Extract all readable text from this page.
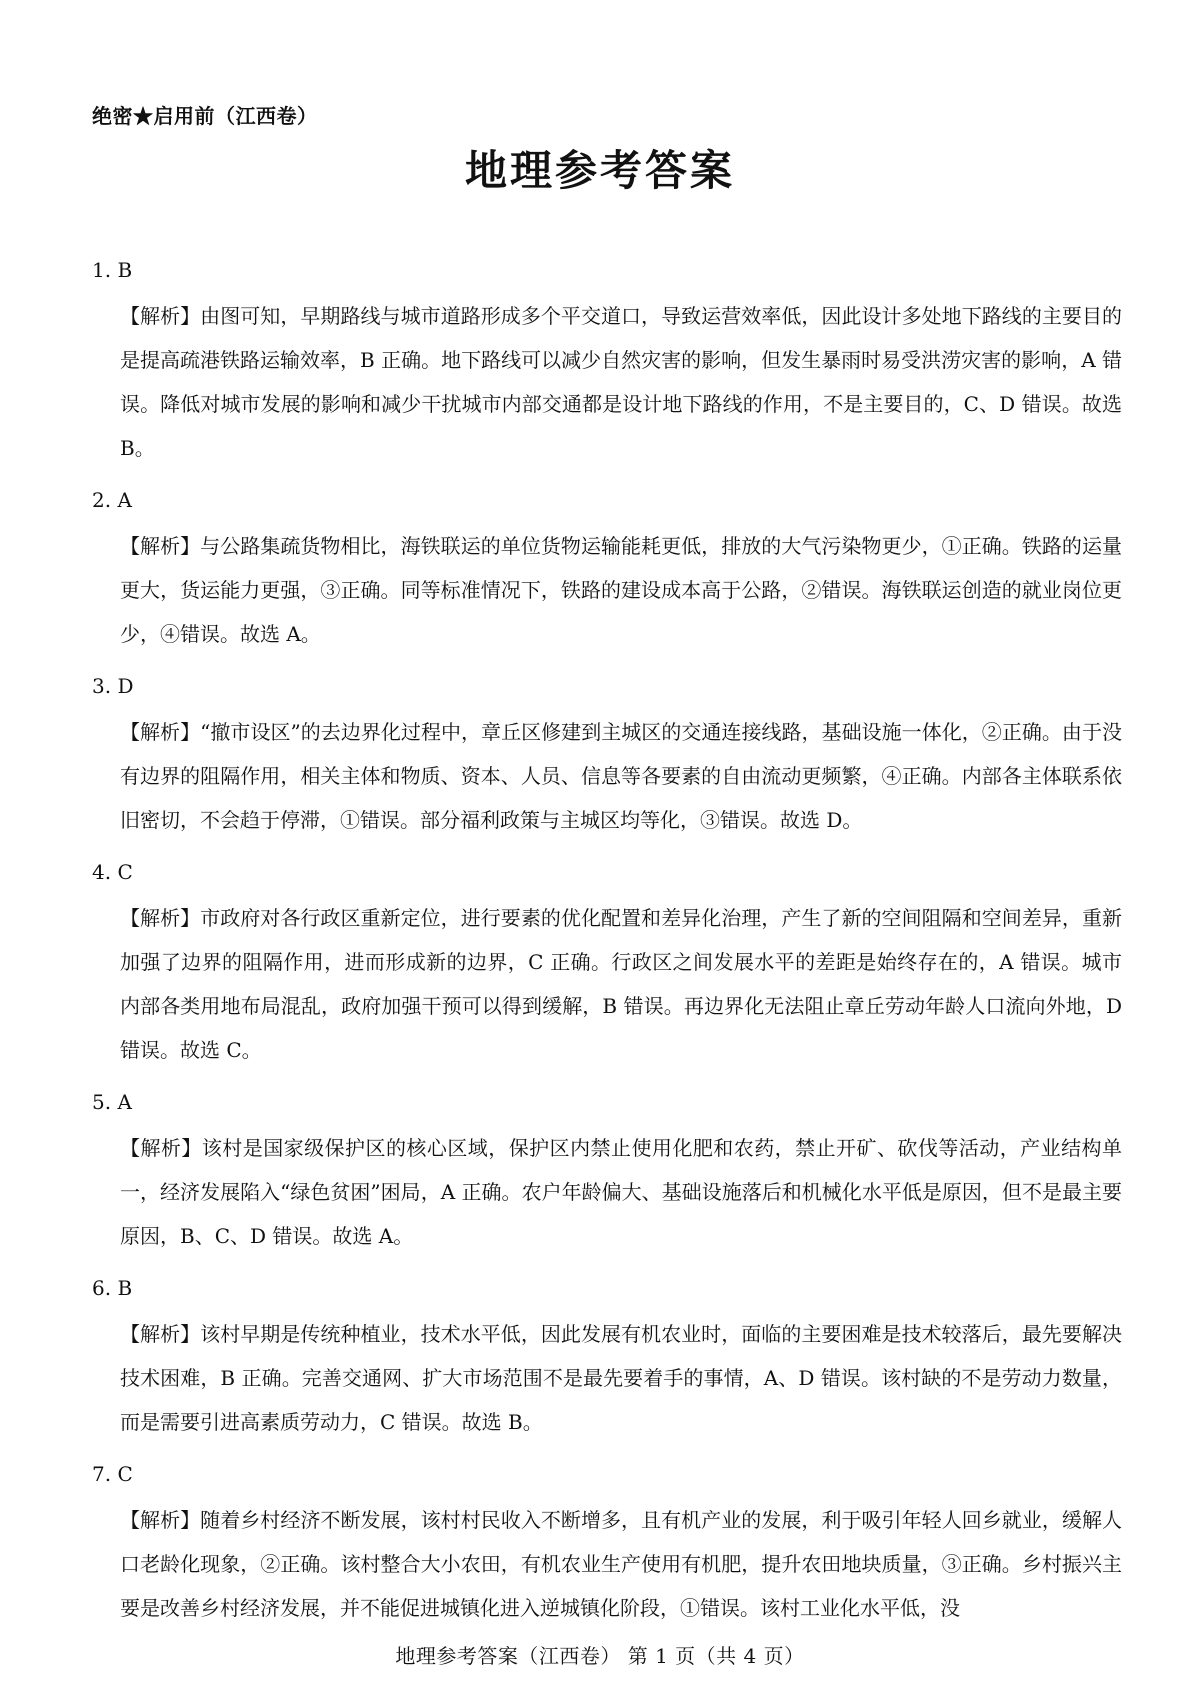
绝密★启用前（江西卷）
地理参考答案
1. B
【解析】由图可知，早期路线与城市道路形成多个平交道口，导致运营效率低，因此设计多处地下路线的主要目的是提高疏港铁路运输效率，B 正确。地下路线可以减少自然灾害的影响，但发生暴雨时易受洪涝灾害的影响，A 错误。降低对城市发展的影响和减少干扰城市内部交通都是设计地下路线的作用，不是主要目的，C、D 错误。故选 B。
2. A
【解析】与公路集疏货物相比，海铁联运的单位货物运输能耗更低，排放的大气污染物更少，①正确。铁路的运量更大，货运能力更强，③正确。同等标准情况下，铁路的建设成本高于公路，②错误。海铁联运创造的就业岗位更少，④错误。故选 A。
3. D
【解析】“撤市设区”的去边界化过程中，章丘区修建到主城区的交通连接线路，基础设施一体化，②正确。由于没有边界的阻隔作用，相关主体和物质、资本、人员、信息等各要素的自由流动更频繁，④正确。内部各主体联系依旧密切，不会趋于停滞，①错误。部分福利政策与主城区均等化，③错误。故选 D。
4. C
【解析】市政府对各行政区重新定位，进行要素的优化配置和差异化治理，产生了新的空间阻隔和空间差异，重新加强了边界的阻隔作用，进而形成新的边界，C 正确。行政区之间发展水平的差距是始终存在的，A 错误。城市内部各类用地布局混乱，政府加强干预可以得到缓解，B 错误。再边界化无法阻止章丘劳动年龄人口流向外地，D 错误。故选 C。
5. A
【解析】该村是国家级保护区的核心区域，保护区内禁止使用化肥和农药，禁止开矿、砍伐等活动，产业结构单一，经济发展陷入“绿色贫困”困局，A 正确。农户年龄偏大、基础设施落后和机械化水平低是原因，但不是最主要原因，B、C、D 错误。故选 A。
6. B
【解析】该村早期是传统种植业，技术水平低，因此发展有机农业时，面临的主要困难是技术较落后，最先要解决技术困难，B 正确。完善交通网、扩大市场范围不是最先要着手的事情，A、D 错误。该村缺的不是劳动力数量，而是需要引进高素质劳动力，C 错误。故选 B。
7. C
【解析】随着乡村经济不断发展，该村村民收入不断增多，且有机产业的发展，利于吸引年轻人回乡就业，缓解人口老龄化现象，②正确。该村整合大小农田，有机农业生产使用有机肥，提升农田地块质量，③正确。乡村振兴主要是改善乡村经济发展，并不能促进城镇化进入逆城镇化阶段，①错误。该村工业化水平低，没
地理参考答案（江西卷） 第 1 页（共 4 页）
